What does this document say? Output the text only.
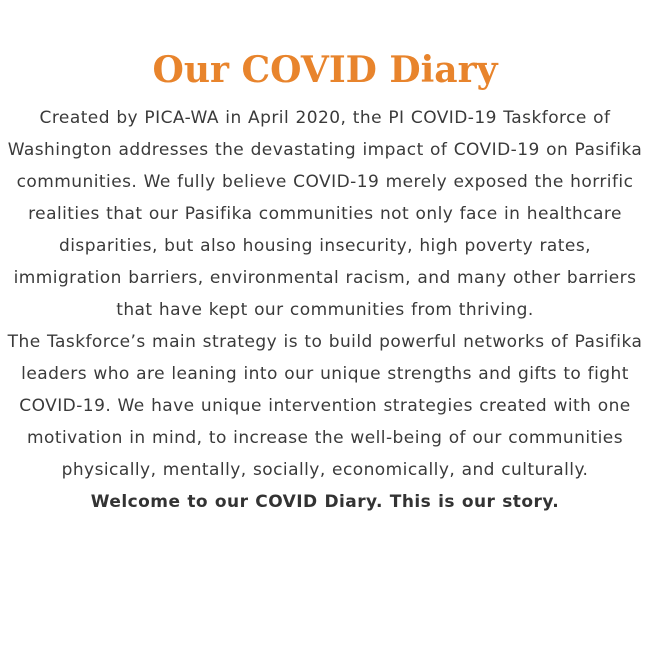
Our COVID Diary

Created by PICA-WA in April 2020, the PI COVID-19 Taskforce of Washington addresses the devastating impact of COVID-19 on Pasifika communities. We fully believe COVID-19 merely exposed the horrific realities that our Pasifika communities not only face in healthcare disparities, but also housing insecurity, high poverty rates, immigration barriers, environmental racism, and many other barriers that have kept our communities from thriving.

The Taskforce’s main strategy is to build powerful networks of Pasifika leaders who are leaning into our unique strengths and gifts to fight COVID-19. We have unique intervention strategies created with one motivation in mind, to increase the well-being of our communities physically, mentally, socially, economically, and culturally.

Welcome to our COVID Diary. This is our story.
